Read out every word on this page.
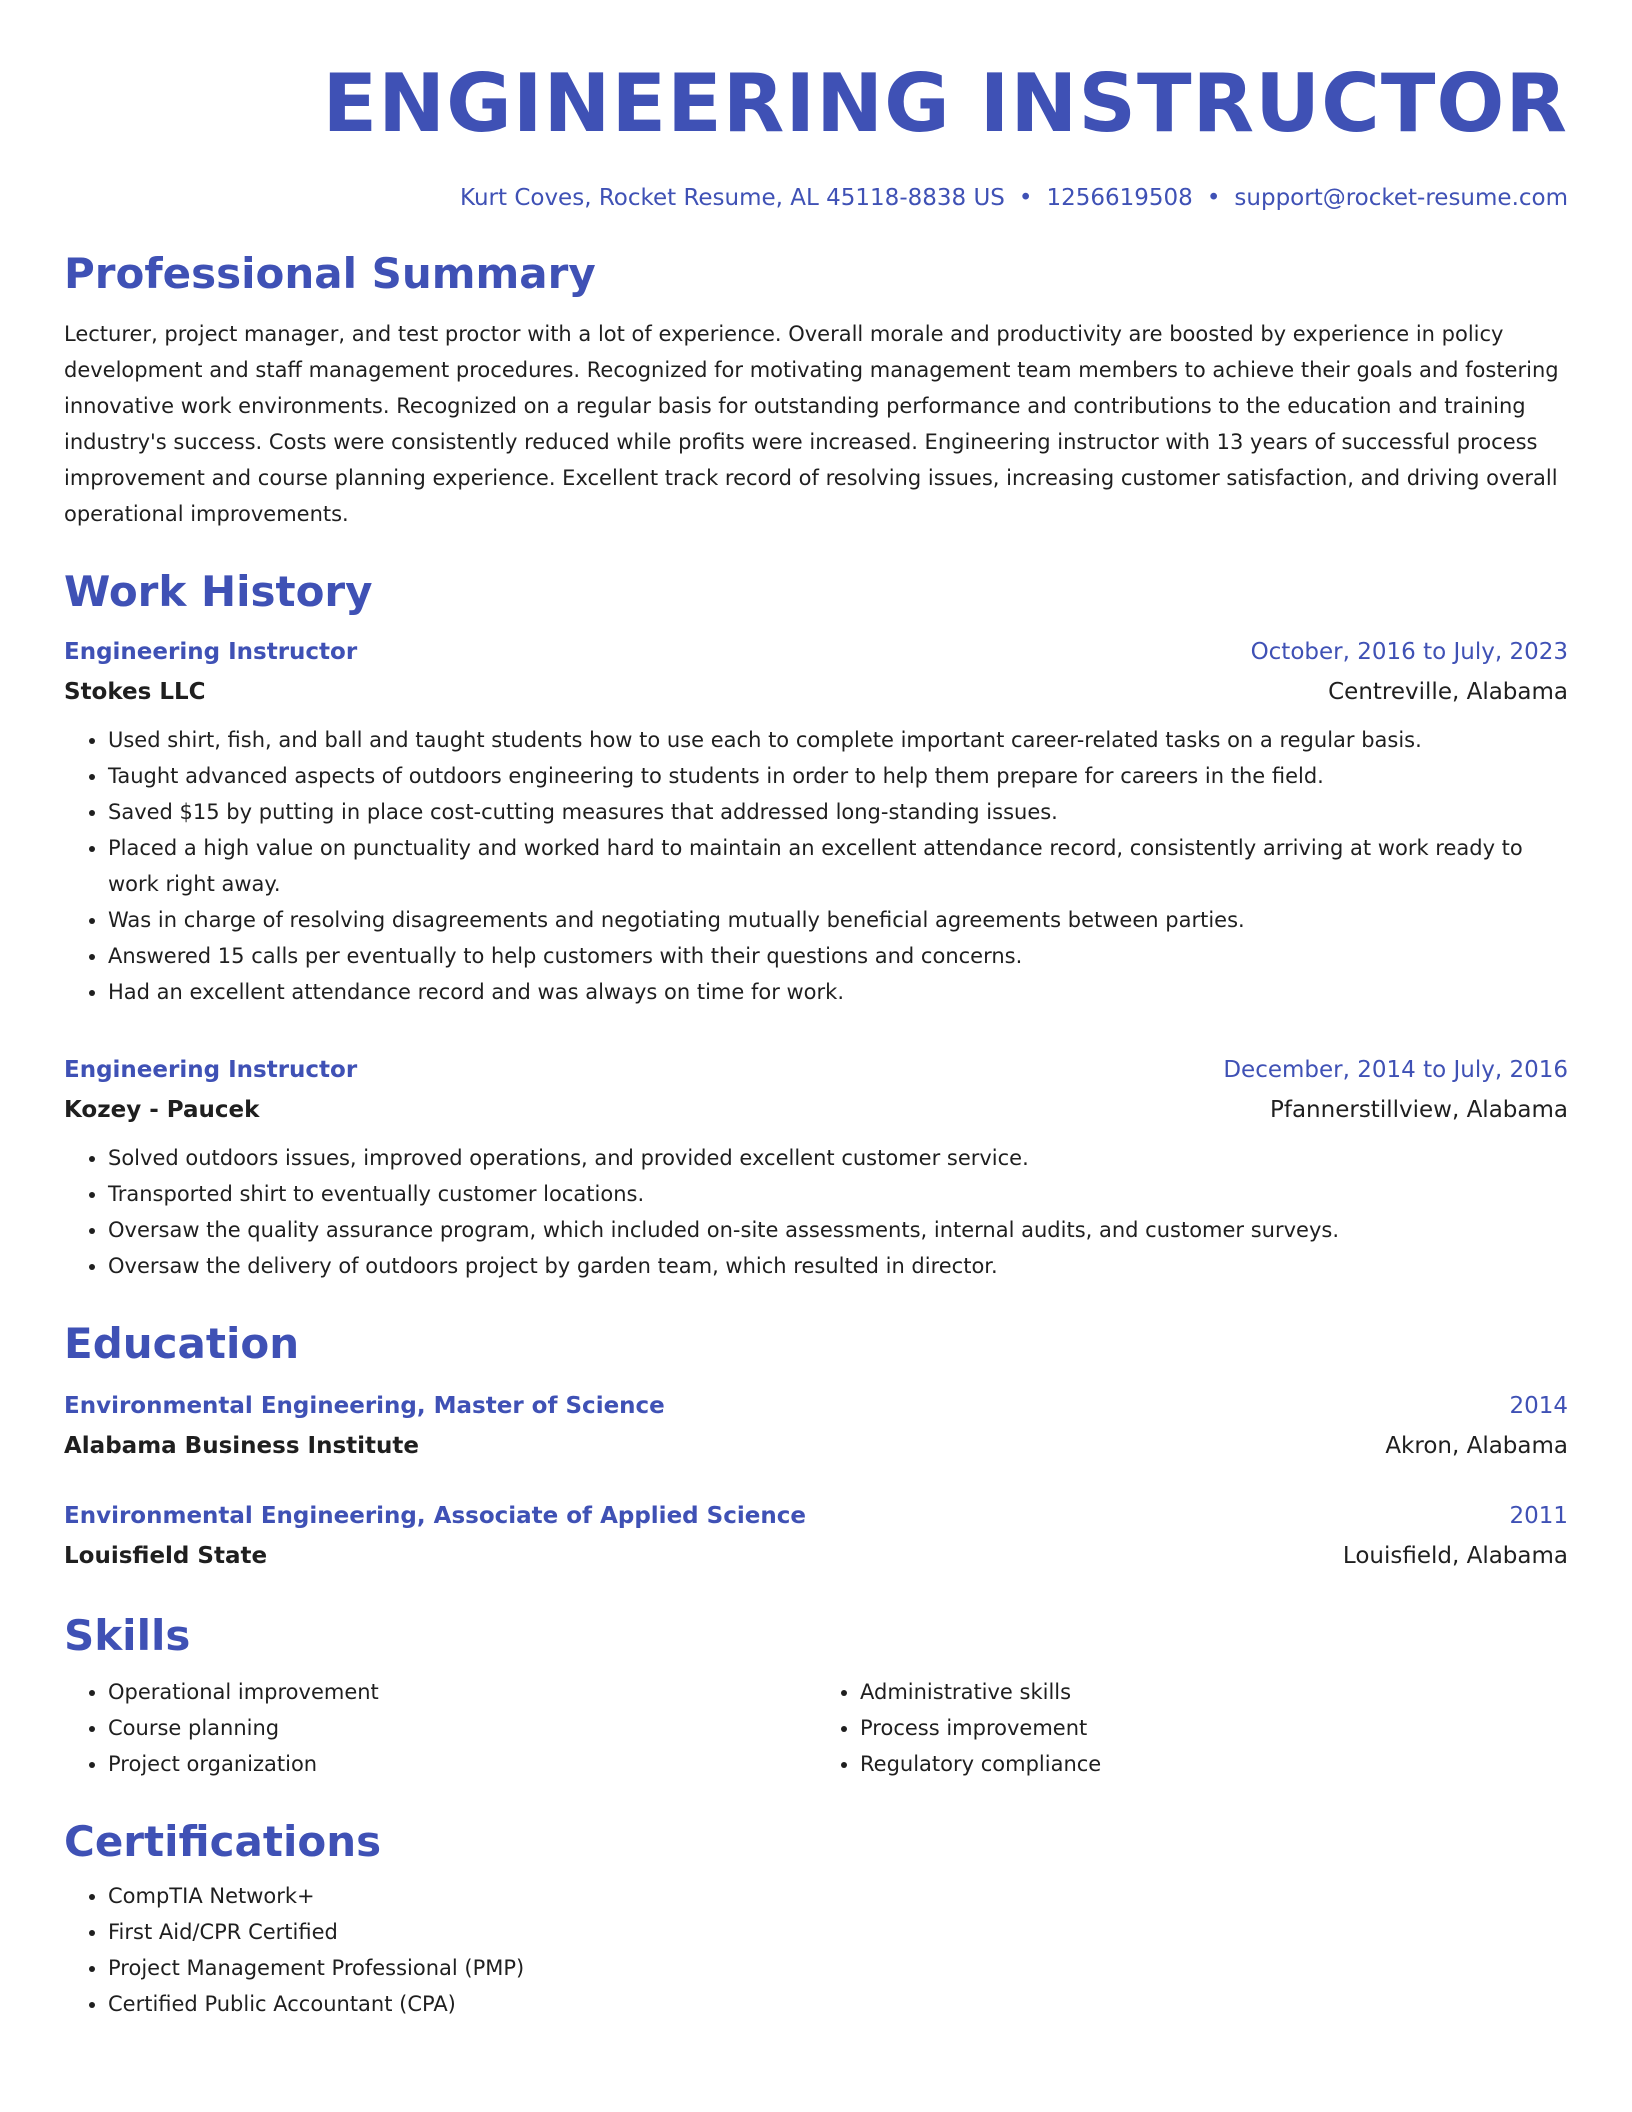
ENGINEERING INSTRUCTOR
Kurt Coves, Rocket Resume, AL 45118-8838 US • 1256619508 • support@rocket-resume.com
Professional Summary

Lecturer, project manager, and test proctor with a lot of experience. Overall morale and productivity are boosted by experience in policy development and staff management procedures. Recognized for motivating management team members to achieve their goals and fostering innovative work environments. Recognized on a regular basis for outstanding performance and contributions to the education and training industry's success. Costs were consistently reduced while profits were increased. Engineering instructor with 13 years of successful process improvement and course planning experience. Excellent track record of resolving issues, increasing customer satisfaction, and driving overall operational improvements.

Work History
Engineering Instructor	October, 2016 to July, 2023
Stokes LLC	Centreville, Alabama
• Used shirt, fish, and ball and taught students how to use each to complete important career-related tasks on a regular basis.
• Taught advanced aspects of outdoors engineering to students in order to help them prepare for careers in the field.
• Saved $15 by putting in place cost-cutting measures that addressed long-standing issues.
• Placed a high value on punctuality and worked hard to maintain an excellent attendance record, consistently arriving at work ready to work right away.
• Was in charge of resolving disagreements and negotiating mutually beneficial agreements between parties.
• Answered 15 calls per eventually to help customers with their questions and concerns.
• Had an excellent attendance record and was always on time for work.
Engineering Instructor	December, 2014 to July, 2016
Kozey - Paucek	Pfannerstillview, Alabama
• Solved outdoors issues, improved operations, and provided excellent customer service.
• Transported shirt to eventually customer locations.
• Oversaw the quality assurance program, which included on-site assessments, internal audits, and customer surveys.
• Oversaw the delivery of outdoors project by garden team, which resulted in director.
Education
Environmental Engineering, Master of Science	2014
Alabama Business Institute	Akron, Alabama
Environmental Engineering, Associate of Applied Science	2011
Louisfield State	Louisfield, Alabama
Skills
• Operational improvement
• Course planning
• Project organization
• Administrative skills
• Process improvement
• Regulatory compliance
Certifications
• CompTIA Network+
• First Aid/CPR Certified
• Project Management Professional (PMP)
• Certified Public Accountant (CPA)
